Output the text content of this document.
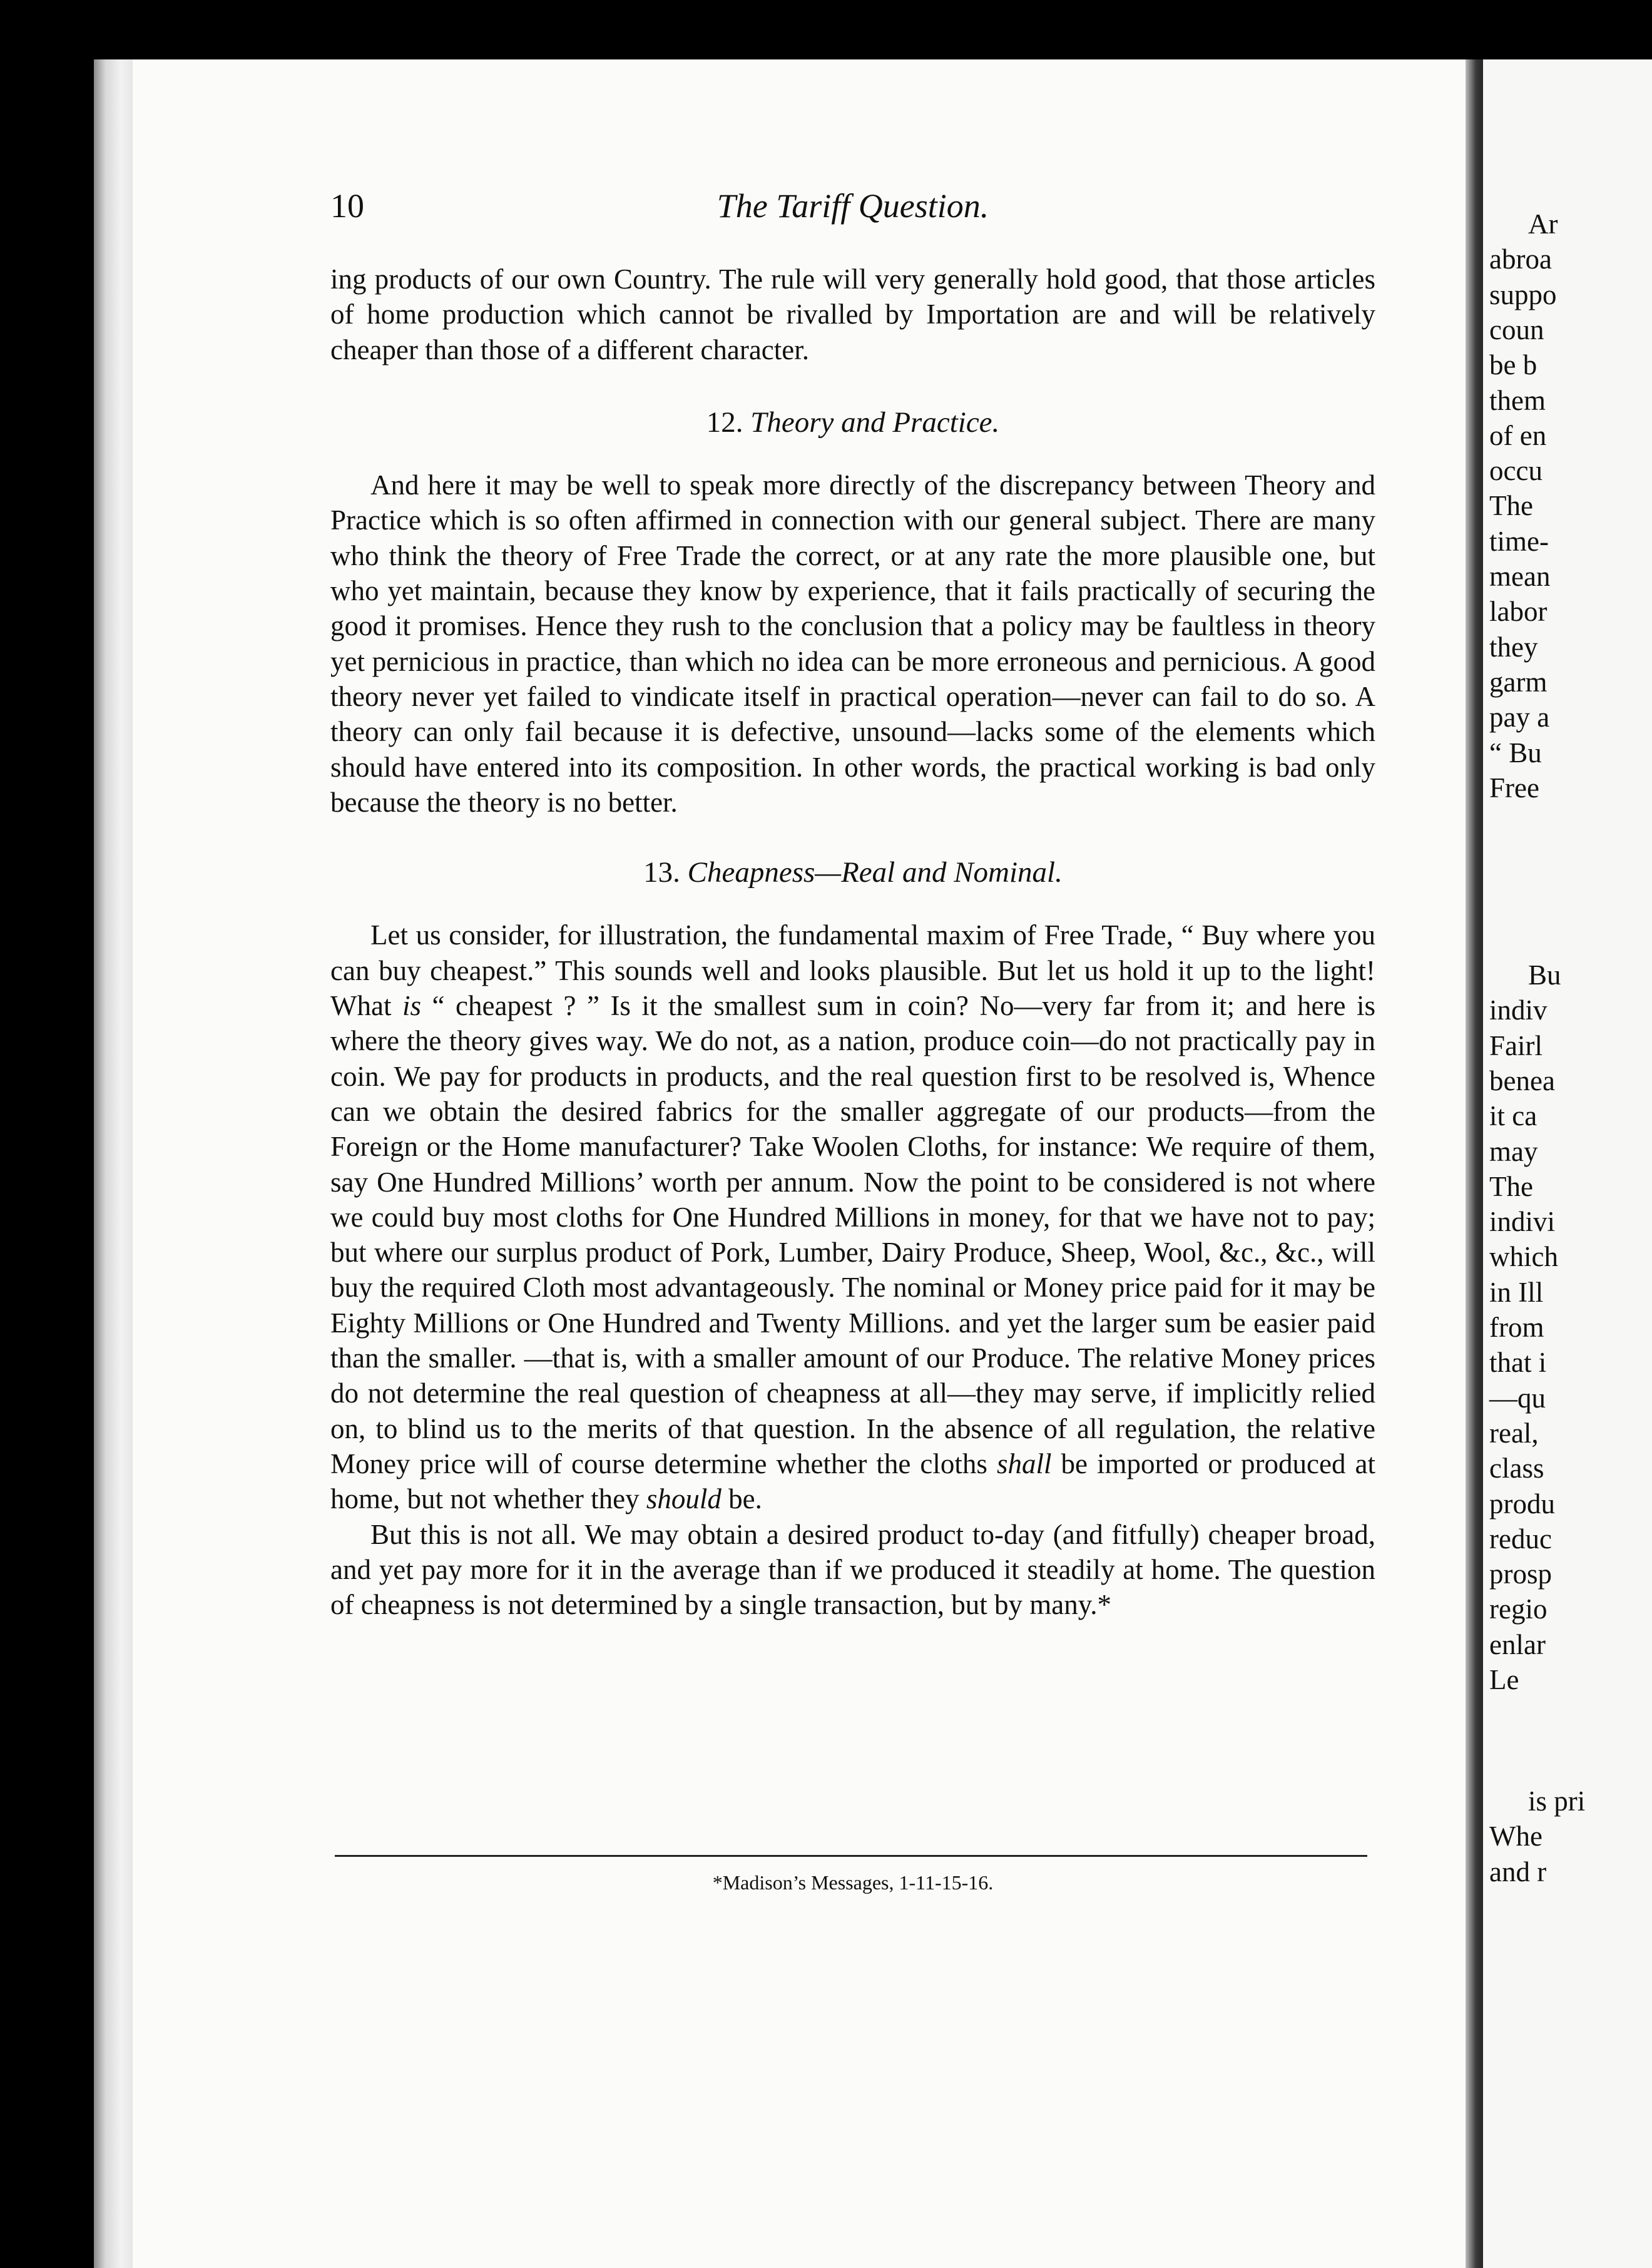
10	The Tariff Question.

ing products of our own Country. The rule will very generally hold good, that those articles of home production which cannot be rivalled by Importation are and will be relatively cheaper than those of a different character.

12. Theory and Practice.

And here it may be well to speak more directly of the discrepancy between Theory and Practice which is so often affirmed in connection with our general subject. There are many who think the theory of Free Trade the correct, or at any rate the more plausible one, but who yet maintain, because they know by experience, that it fails practically of securing the good it promises. Hence they rush to the conclusion that a policy may be faultless in theory yet pernicious in practice, than which no idea can be more erroneous and pernicious. A good theory never yet failed to vindicate itself in practical operation—never can fail to do so. A theory can only fail because it is defective, unsound—lacks some of the elements which should have entered into its composition. In other words, the practical working is bad only because the theory is no better.

13. Cheapness—Real and Nominal.

Let us consider, for illustration, the fundamental maxim of Free Trade, “ Buy where you can buy cheapest.” This sounds well and looks plausible. But let us hold it up to the light! What is “ cheapest ? ” Is it the smallest sum in coin? No—very far from it; and here is where the theory gives way. We do not, as a nation, produce coin—do not practically pay in coin. We pay for products in products, and the real question first to be resolved is, Whence can we obtain the desired fabrics for the smaller aggregate of our products—from the Foreign or the Home manufacturer? Take Woolen Cloths, for instance: We require of them, say One Hundred Millions’ worth per annum. Now the point to be considered is not where we could buy most cloths for One Hundred Millions in money, for that we have not to pay; but where our surplus product of Pork, Lumber, Dairy Produce, Sheep, Wool, &c., &c., will buy the required Cloth most advantageously. The nominal or Money price paid for it may be Eighty Millions or One Hundred and Twenty Millions. and yet the larger sum be easier paid than the smaller. —that is, with a smaller amount of our Produce. The relative Money prices do not determine the real question of cheapness at all—they may serve, if implicitly relied on, to blind us to the merits of that question. In the absence of all regulation, the relative Money price will of course determine whether the cloths shall be imported or produced at home, but not whether they should be.

But this is not all. We may obtain a desired product to-day (and fitfully) cheaper broad, and yet pay more for it in the average than if we produced it steadily at home. The question of cheapness is not determined by a single transaction, but by many.*

*Madison’s Messages, 1-11-15-16.
Ar
abroa
suppo
coun
be b
them
of en
occu
The
time-
mean
labor
they
garm
pay a
“ Bu
Free
Bu
indiv
Fairl
benea
it ca
may
The
indivi
which
in Ill
from
that i
—qu
real,
class
produ
reduc
prosp
regio
enlar
Le
is pri
Whe
and r
